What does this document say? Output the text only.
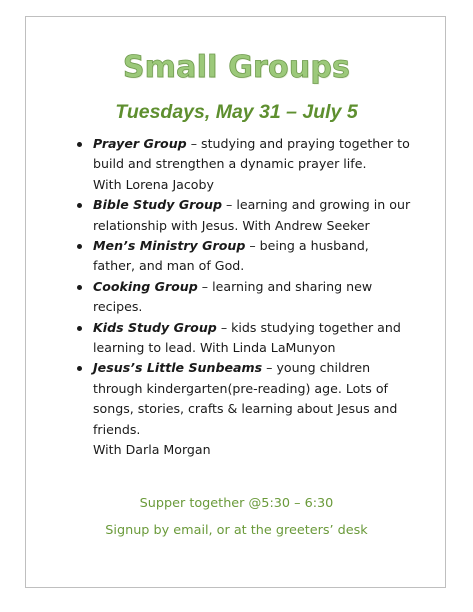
Small Groups
Tuesdays, May 31 – July 5
Prayer Group – studying and praying together to build and strengthen a dynamic prayer life.
With Lorena Jacoby
Bible Study Group – learning and growing in our relationship with Jesus. With Andrew Seeker
Men’s Ministry Group – being a husband, father, and man of God.
Cooking Group – learning and sharing new recipes.
Kids Study Group – kids studying together and learning to lead. With Linda LaMunyon
Jesus’s Little Sunbeams – young children through kindergarten(pre-reading) age. Lots of songs, stories, crafts & learning about Jesus and friends.
With Darla Morgan
Supper together @5:30 – 6:30
Signup by email, or at the greeters’ desk
